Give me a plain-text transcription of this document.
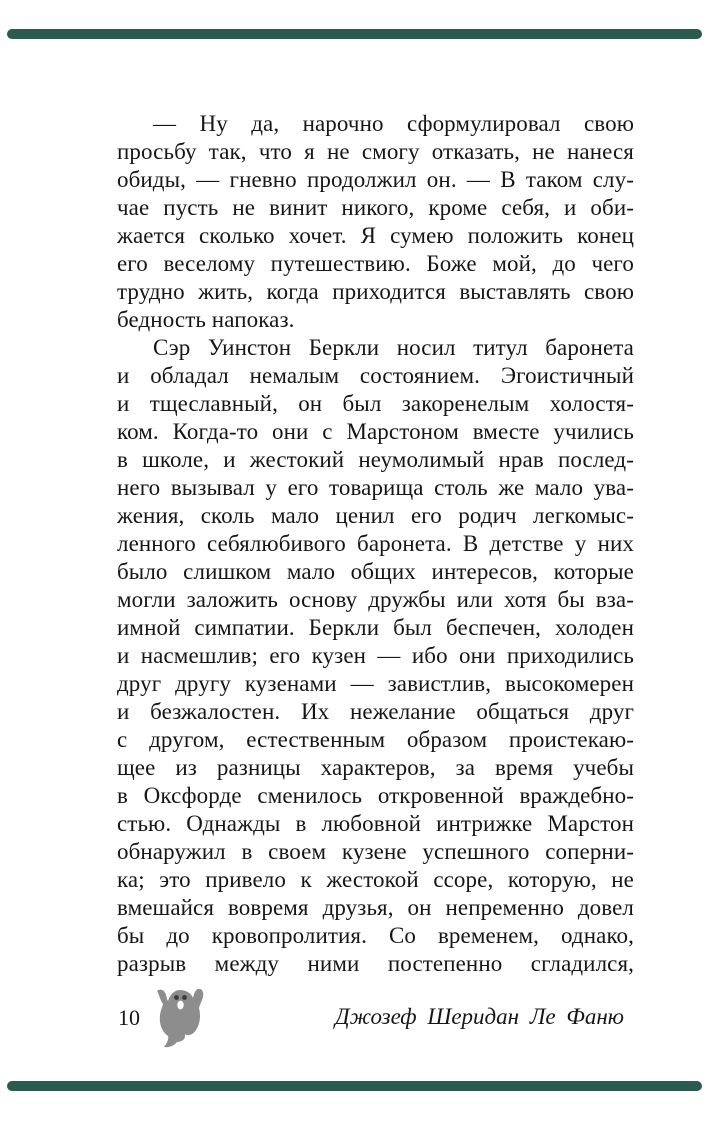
— Ну да, нарочно сформулировал свою
просьбу так, что я не смогу отказать, не нанеся
обиды, — гневно продолжил он. — В таком слу-
чае пусть не винит никого, кроме себя, и оби-
жается сколько хочет. Я сумею положить конец
его веселому путешествию. Боже мой, до чего
трудно жить, когда приходится выставлять свою
бедность напоказ.
Сэр Уинстон Беркли носил титул баронета
и обладал немалым состоянием. Эгоистичный
и тщеславный, он был закоренелым холостя-
ком. Когда-то они с Марстоном вместе учились
в школе, и жестокий неумолимый нрав послед-
него вызывал у его товарища столь же мало ува-
жения, сколь мало ценил его родич легкомыс-
ленного себялюбивого баронета. В детстве у них
было слишком мало общих интересов, которые
могли заложить основу дружбы или хотя бы вза-
имной симпатии. Беркли был беспечен, холоден
и насмешлив; его кузен — ибо они приходились
друг другу кузенами — завистлив, высокомерен
и безжалостен. Их нежелание общаться друг
с другом, естественным образом проистекаю-
щее из разницы характеров, за время учебы
в Оксфорде сменилось откровенной враждебно-
стью. Однажды в любовной интрижке Марстон
обнаружил в своем кузене успешного соперни-
ка; это привело к жестокой ссоре, которую, не
вмешайся вовремя друзья, он непременно довел
бы до кровопролития. Со временем, однако,
разрыв между ними постепенно сгладился,
10	Джозеф Шеридан Ле Фаню
